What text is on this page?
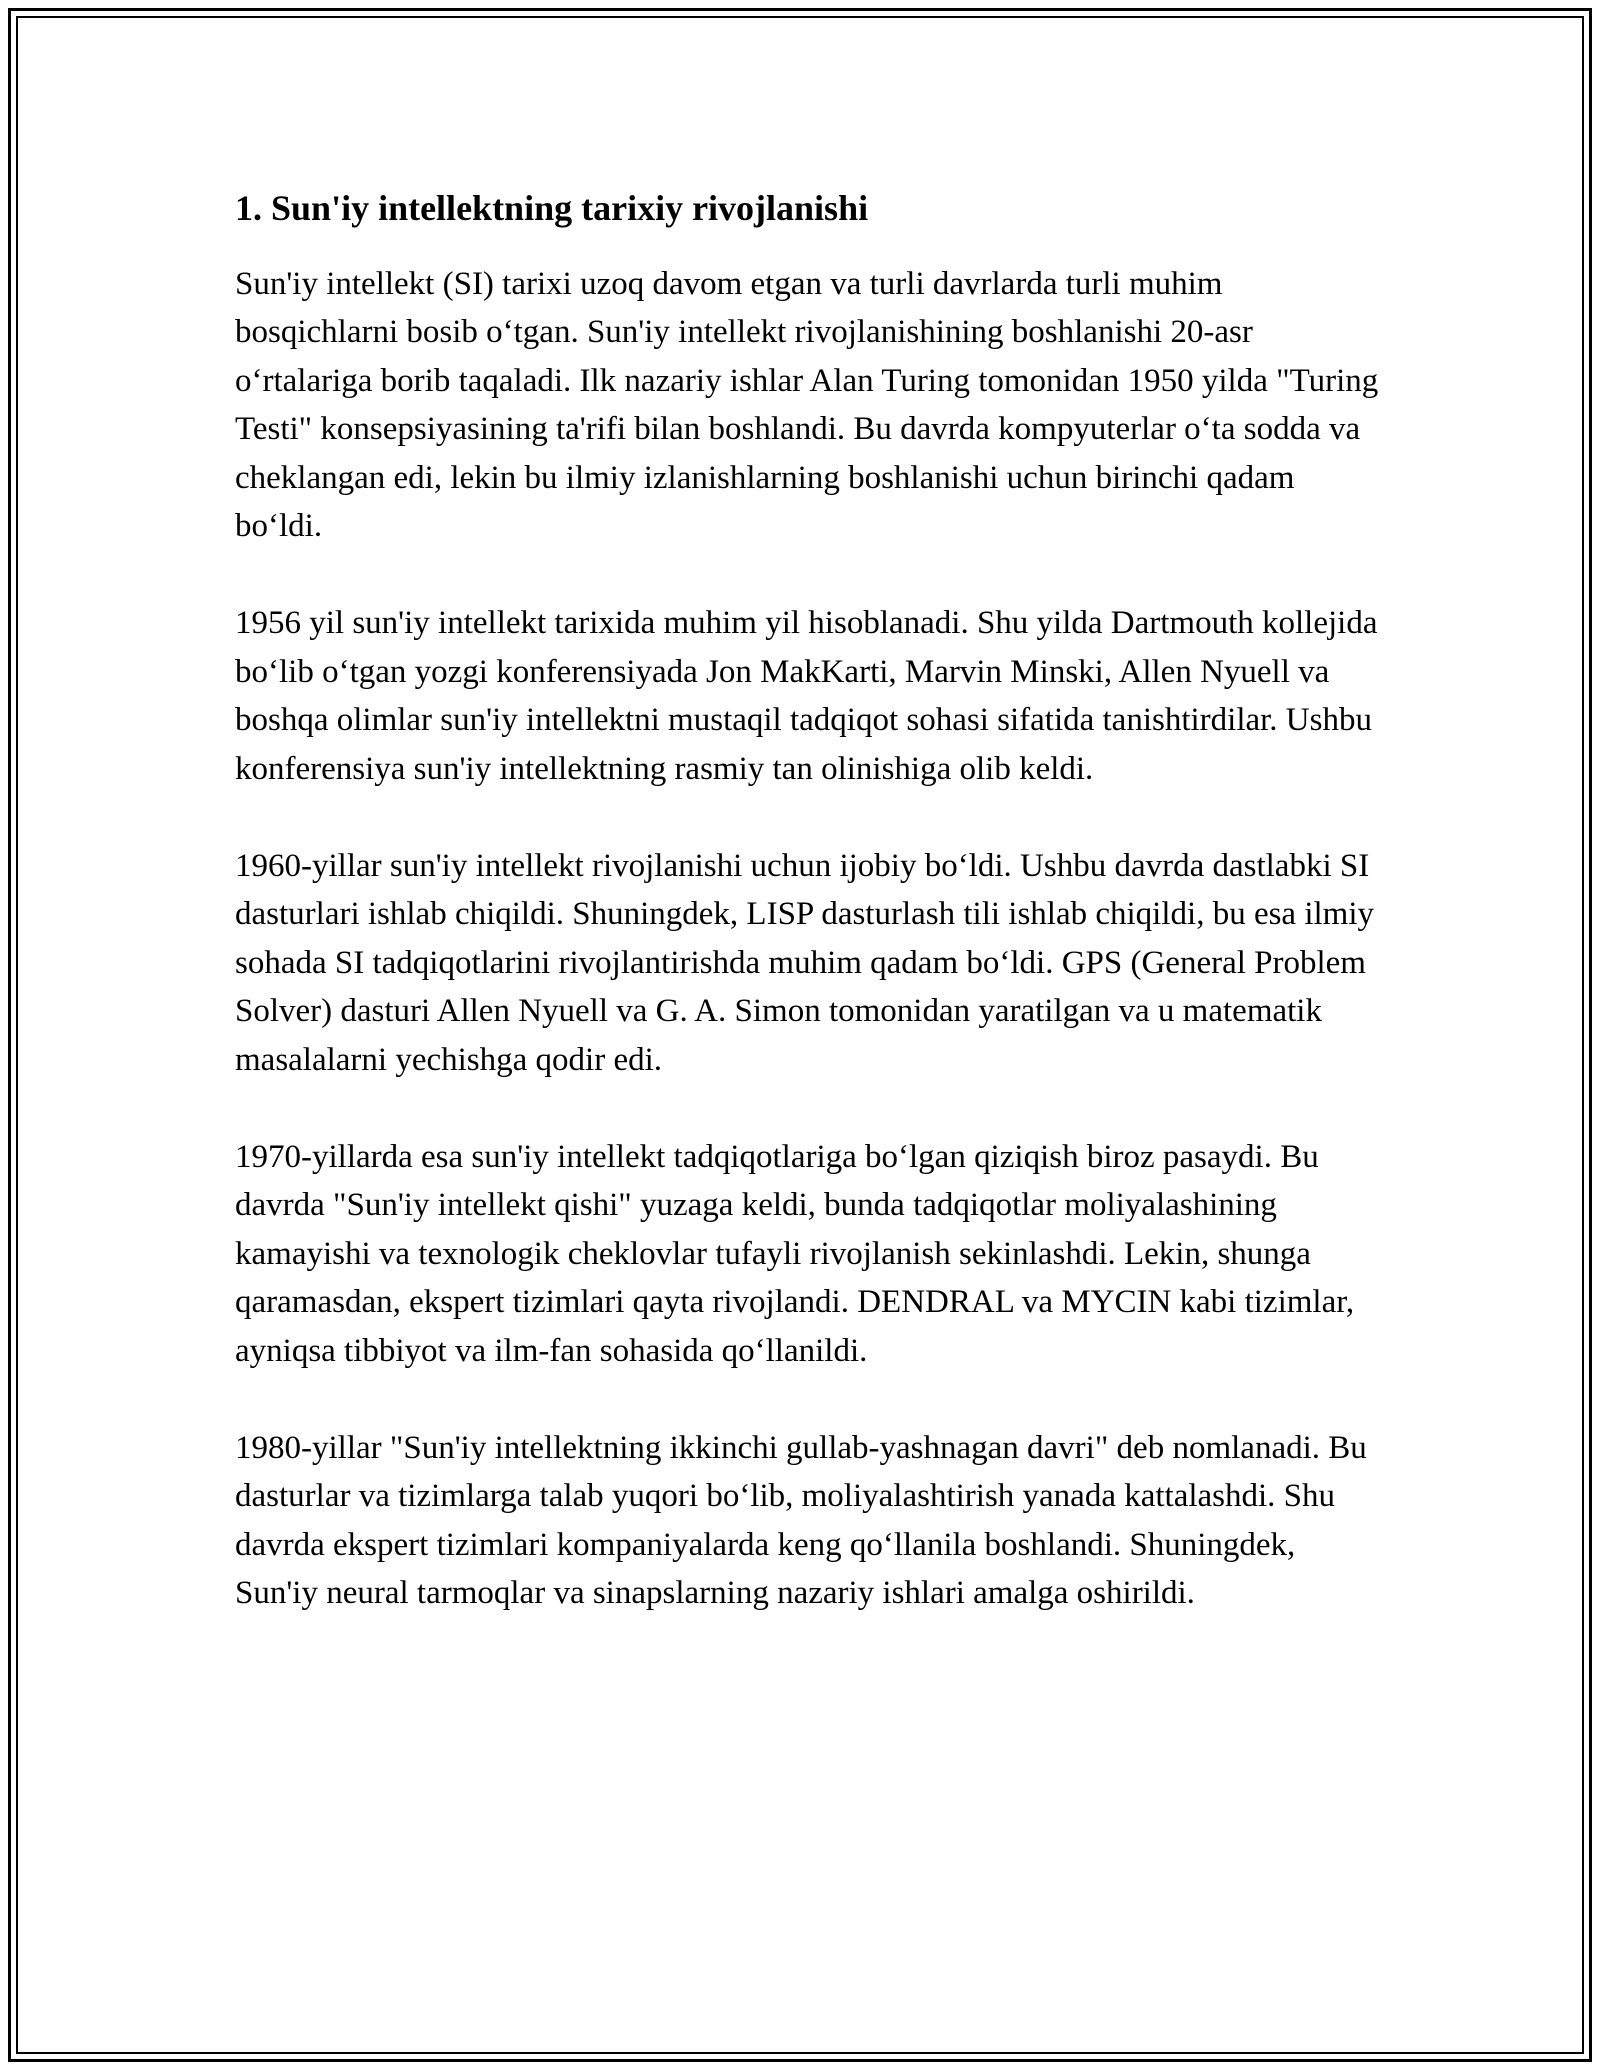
1. Sun'iy intellektning tarixiy rivojlanishi

Sun'iy intellekt (SI) tarixi uzoq davom etgan va turli davrlarda turli muhim bosqichlarni bosib o‘tgan. Sun'iy intellekt rivojlanishining boshlanishi 20-asr o‘rtalariga borib taqaladi. Ilk nazariy ishlar Alan Turing tomonidan 1950 yilda "Turing Testi" konsepsiyasining ta'rifi bilan boshlandi. Bu davrda kompyuterlar o‘ta sodda va cheklangan edi, lekin bu ilmiy izlanishlarning boshlanishi uchun birinchi qadam bo‘ldi.

1956 yil sun'iy intellekt tarixida muhim yil hisoblanadi. Shu yilda Dartmouth kollejida bo‘lib o‘tgan yozgi konferensiyada Jon MakKarti, Marvin Minski, Allen Nyuell va boshqa olimlar sun'iy intellektni mustaqil tadqiqot sohasi sifatida tanishtirdilar. Ushbu konferensiya sun'iy intellektning rasmiy tan olinishiga olib keldi.

1960-yillar sun'iy intellekt rivojlanishi uchun ijobiy bo‘ldi. Ushbu davrda dastlabki SI dasturlari ishlab chiqildi. Shuningdek, LISP dasturlash tili ishlab chiqildi, bu esa ilmiy sohada SI tadqiqotlarini rivojlantirishda muhim qadam bo‘ldi. GPS (General Problem Solver) dasturi Allen Nyuell va G. A. Simon tomonidan yaratilgan va u matematik masalalarni yechishga qodir edi.

1970-yillarda esa sun'iy intellekt tadqiqotlariga bo‘lgan qiziqish biroz pasaydi. Bu davrda "Sun'iy intellekt qishi" yuzaga keldi, bunda tadqiqotlar moliyalashining kamayishi va texnologik cheklovlar tufayli rivojlanish sekinlashdi. Lekin, shunga qaramasdan, ekspert tizimlari qayta rivojlandi. DENDRAL va MYCIN kabi tizimlar, ayniqsa tibbiyot va ilm-fan sohasida qo‘llanildi.

1980-yillar "Sun'iy intellektning ikkinchi gullab-yashnagan davri" deb nomlanadi. Bu dasturlar va tizimlarga talab yuqori bo‘lib, moliyalashtirish yanada kattalashdi. Shu davrda ekspert tizimlari kompaniyalarda keng qo‘llanila boshlandi. Shuningdek, Sun'iy neural tarmoqlar va sinapslarning nazariy ishlari amalga oshirildi.
